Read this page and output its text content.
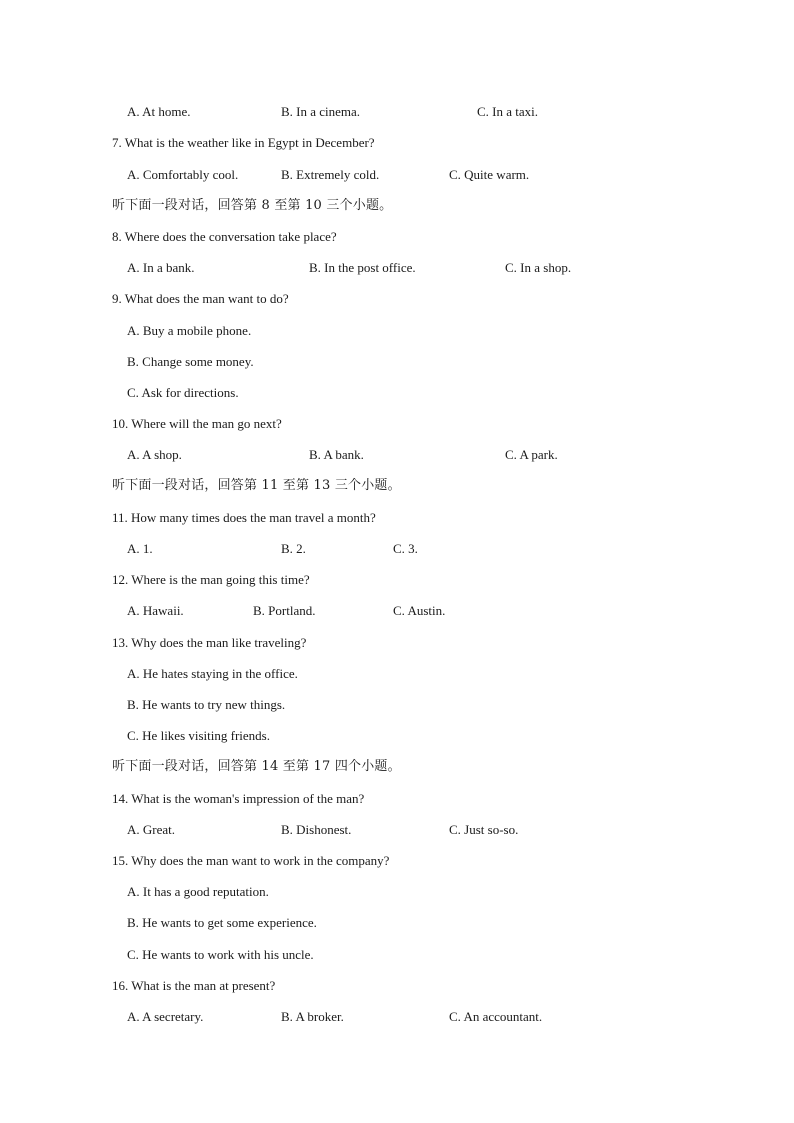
A. At home.	B. In a cinema.	C. In a taxi.
7. What is the weather like in Egypt in December?
A. Comfortably cool.	B. Extremely cold.	C. Quite warm.
听下面一段对话，回答第 8 至第 10 三个小题。
8. Where does the conversation take place?
A. In a bank.	B. In the post office.	C. In a shop.
9. What does the man want to do?
A. Buy a mobile phone.
B. Change some money.
C. Ask for directions.
10. Where will the man go next?
A. A shop.	B. A bank.	C. A park.
听下面一段对话，回答第 11 至第 13 三个小题。
11. How many times does the man travel a month?
A. 1.	B. 2.	C. 3.
12. Where is the man going this time?
A. Hawaii.	B. Portland.	C. Austin.
13. Why does the man like traveling?
A. He hates staying in the office.
B. He wants to try new things.
C. He likes visiting friends.
听下面一段对话，回答第 14 至第 17 四个小题。
14. What is the woman's impression of the man?
A. Great.	B. Dishonest.	C. Just so-so.
15. Why does the man want to work in the company?
A. It has a good reputation.
B. He wants to get some experience.
C. He wants to work with his uncle.
16. What is the man at present?
A. A secretary.	B. A broker.	C. An accountant.
